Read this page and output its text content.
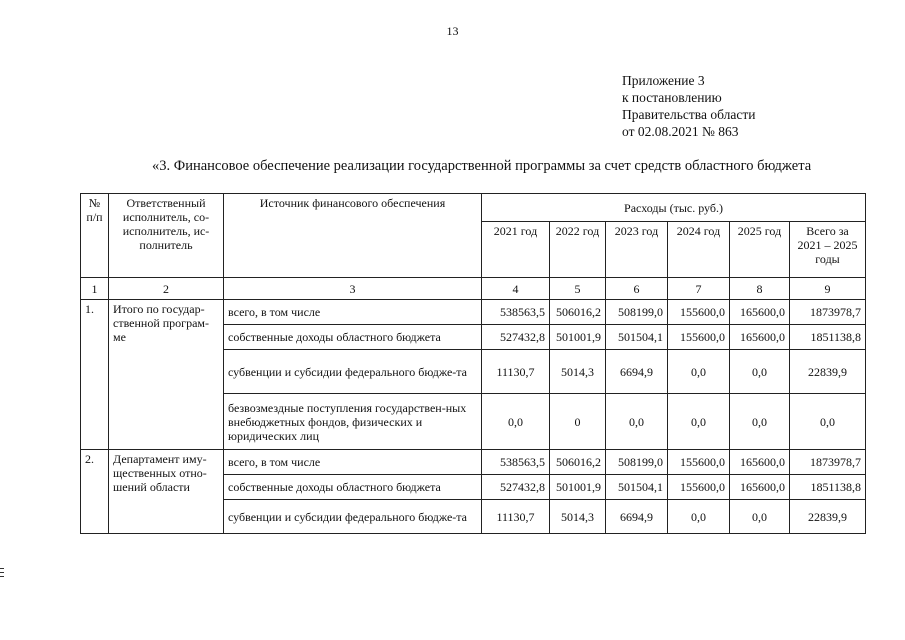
13
Приложение 3
к постановлению
Правительства области
от 02.08.2021 № 863
«3. Финансовое обеспечение реализации государственной программы за счет средств областного бюджета
№ п/п	Ответственный исполнитель, со-исполнитель, ис-полнитель	Источник финансового обеспечения	Расходы (тыс. руб.)					
			2021 год	2022 год	2023 год	2024 год	2025 год	Всего за 2021 – 2025 годы
1	2	3	4	5	6	7	8	9
1.	Итого по государ-ственной програм-ме	всего, в том числе	538563,5	506016,2	508199,0	155600,0	165600,0	1873978,7
		собственные доходы областного бюджета	527432,8	501001,9	501504,1	155600,0	165600,0	1851138,8
		субвенции и субсидии федерального бюдже-та	11130,7	5014,3	6694,9	0,0	0,0	22839,9
		безвозмездные поступления государствен-ных внебюджетных фондов, физических и юридических лиц	0,0	0	0,0	0,0	0,0	0,0
2.	Департамент иму-щественных отно-шений области	всего, в том числе	538563,5	506016,2	508199,0	155600,0	165600,0	1873978,7
		собственные доходы областного бюджета	527432,8	501001,9	501504,1	155600,0	165600,0	1851138,8
		субвенции и субсидии федерального бюдже-та	11130,7	5014,3	6694,9	0,0	0,0	22839,9
